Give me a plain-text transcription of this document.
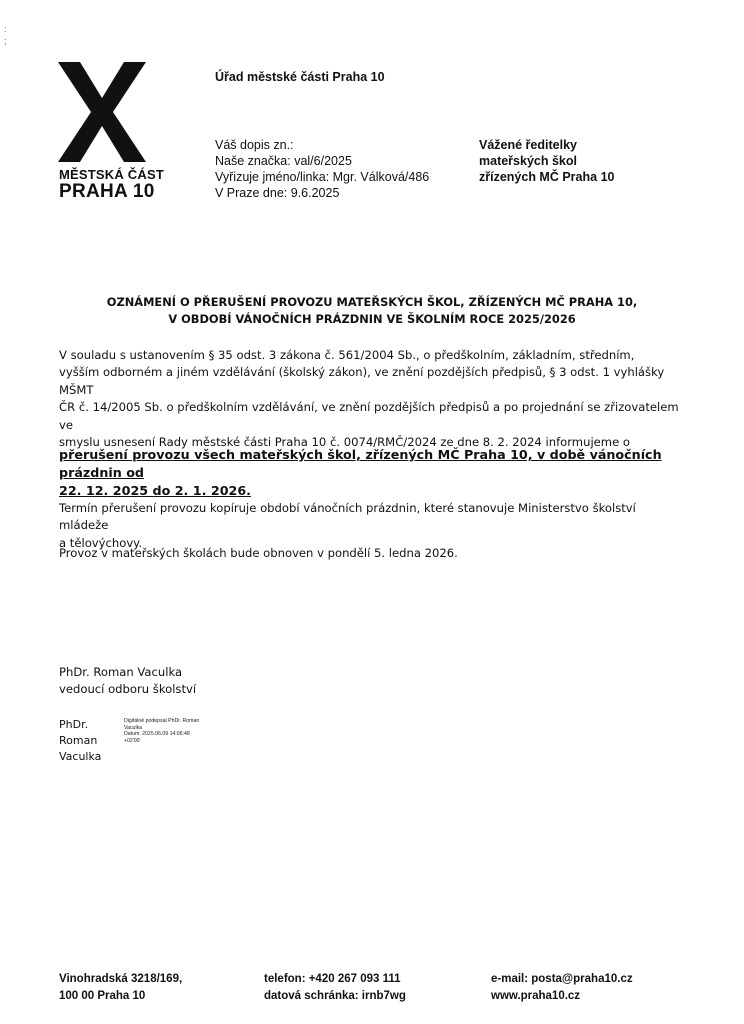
:
;
MĚSTSKÁ ČÁST
PRAHA 10
Úřad městské části Praha 10
Váš dopis zn.:
Naše značka: val/6/2025
Vyřizuje jméno/linka: Mgr. Válková/486
V Praze dne: 9.6.2025
Vážené ředitelky
mateřských škol
zřízených MČ Praha 10
OZNÁMENÍ O PŘERUŠENÍ PROVOZU MATEŘSKÝCH ŠKOL, ZŘÍZENÝCH MČ PRAHA 10,
V OBDOBÍ VÁNOČNÍCH PRÁZDNIN VE ŠKOLNÍM ROCE 2025/2026
V souladu s ustanovením § 35 odst. 3 zákona č. 561/2004 Sb., o předškolním, základním, středním,
vyšším odborném a jiném vzdělávání (školský zákon), ve znění pozdějších předpisů, § 3 odst. 1 vyhlášky MŠMT
ČR č. 14/2005 Sb. o předškolním vzdělávání, ve znění pozdějších předpisů a po projednání se zřizovatelem ve
smyslu usnesení Rady městské části Praha 10 č. 0074/RMČ/2024 ze dne 8. 2. 2024 informujeme o
přerušení provozu všech mateřských škol, zřízených MČ Praha 10, v době vánočních prázdnin od
22. 12. 2025 do 2. 1. 2026.
Termín přerušení provozu kopíruje období vánočních prázdnin, které stanovuje Ministerstvo školství mládeže
a tělovýchovy.
Provoz v mateřských školách bude obnoven v pondělí 5. ledna 2026.
PhDr. Roman Vaculka
vedoucí odboru školství
PhDr. Roman
Vaculka
Digitálně podepsal PhDr. Roman
Vaculka
Datum: 2025.06.09 14:06:48
+02'00'
Vinohradská 3218/169,
100 00 Praha 10
telefon: +420 267 093 111
datová schránka: irnb7wg
e-mail: posta@praha10.cz
www.praha10.cz
